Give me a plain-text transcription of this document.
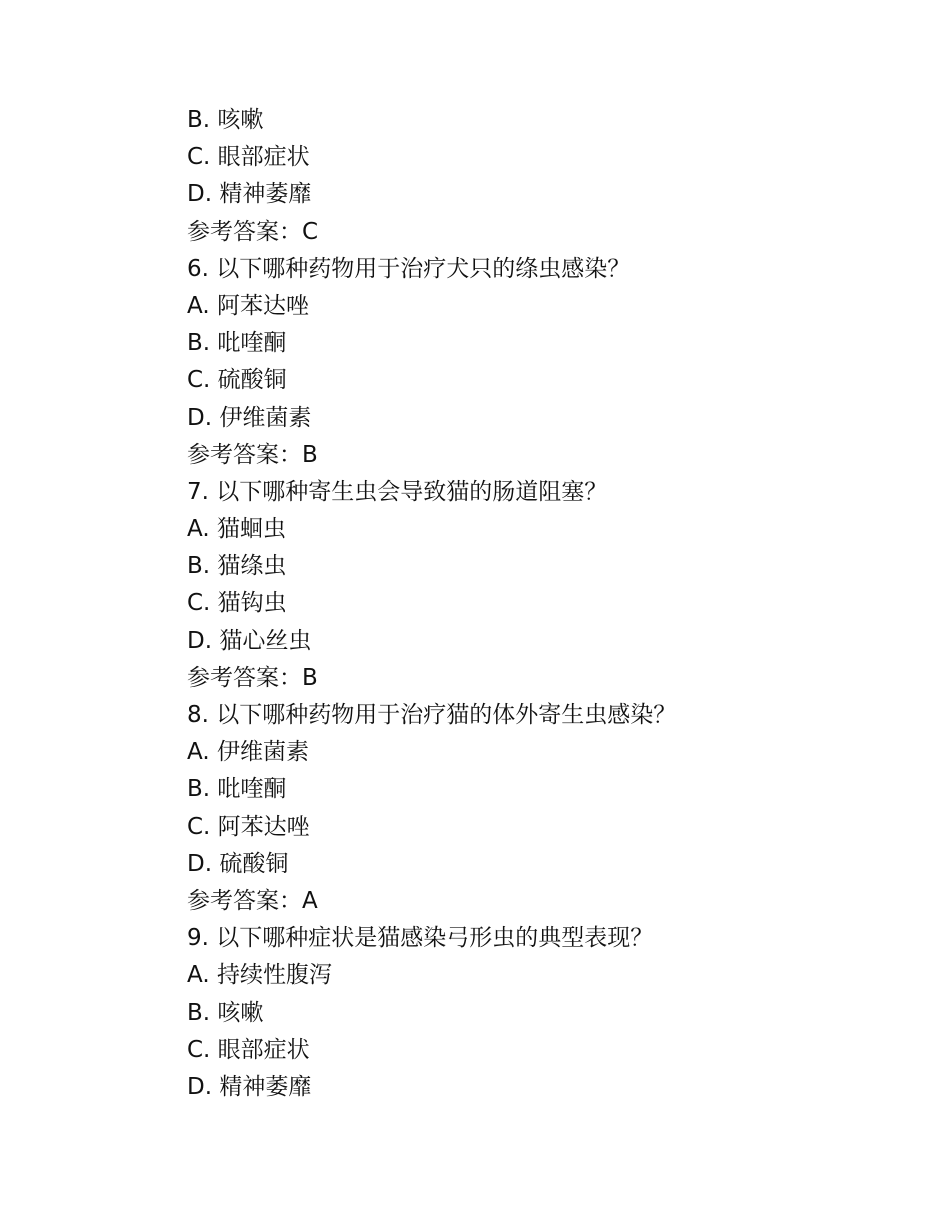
B. 咳嗽
C. 眼部症状
D. 精神萎靡
参考答案：C
6. 以下哪种药物用于治疗犬只的绦虫感染？
A. 阿苯达唑
B. 吡喹酮
C. 硫酸铜
D. 伊维菌素
参考答案：B
7. 以下哪种寄生虫会导致猫的肠道阻塞？
A. 猫蛔虫
B. 猫绦虫
C. 猫钩虫
D. 猫心丝虫
参考答案：B
8. 以下哪种药物用于治疗猫的体外寄生虫感染？
A. 伊维菌素
B. 吡喹酮
C. 阿苯达唑
D. 硫酸铜
参考答案：A
9. 以下哪种症状是猫感染弓形虫的典型表现？
A. 持续性腹泻
B. 咳嗽
C. 眼部症状
D. 精神萎靡
